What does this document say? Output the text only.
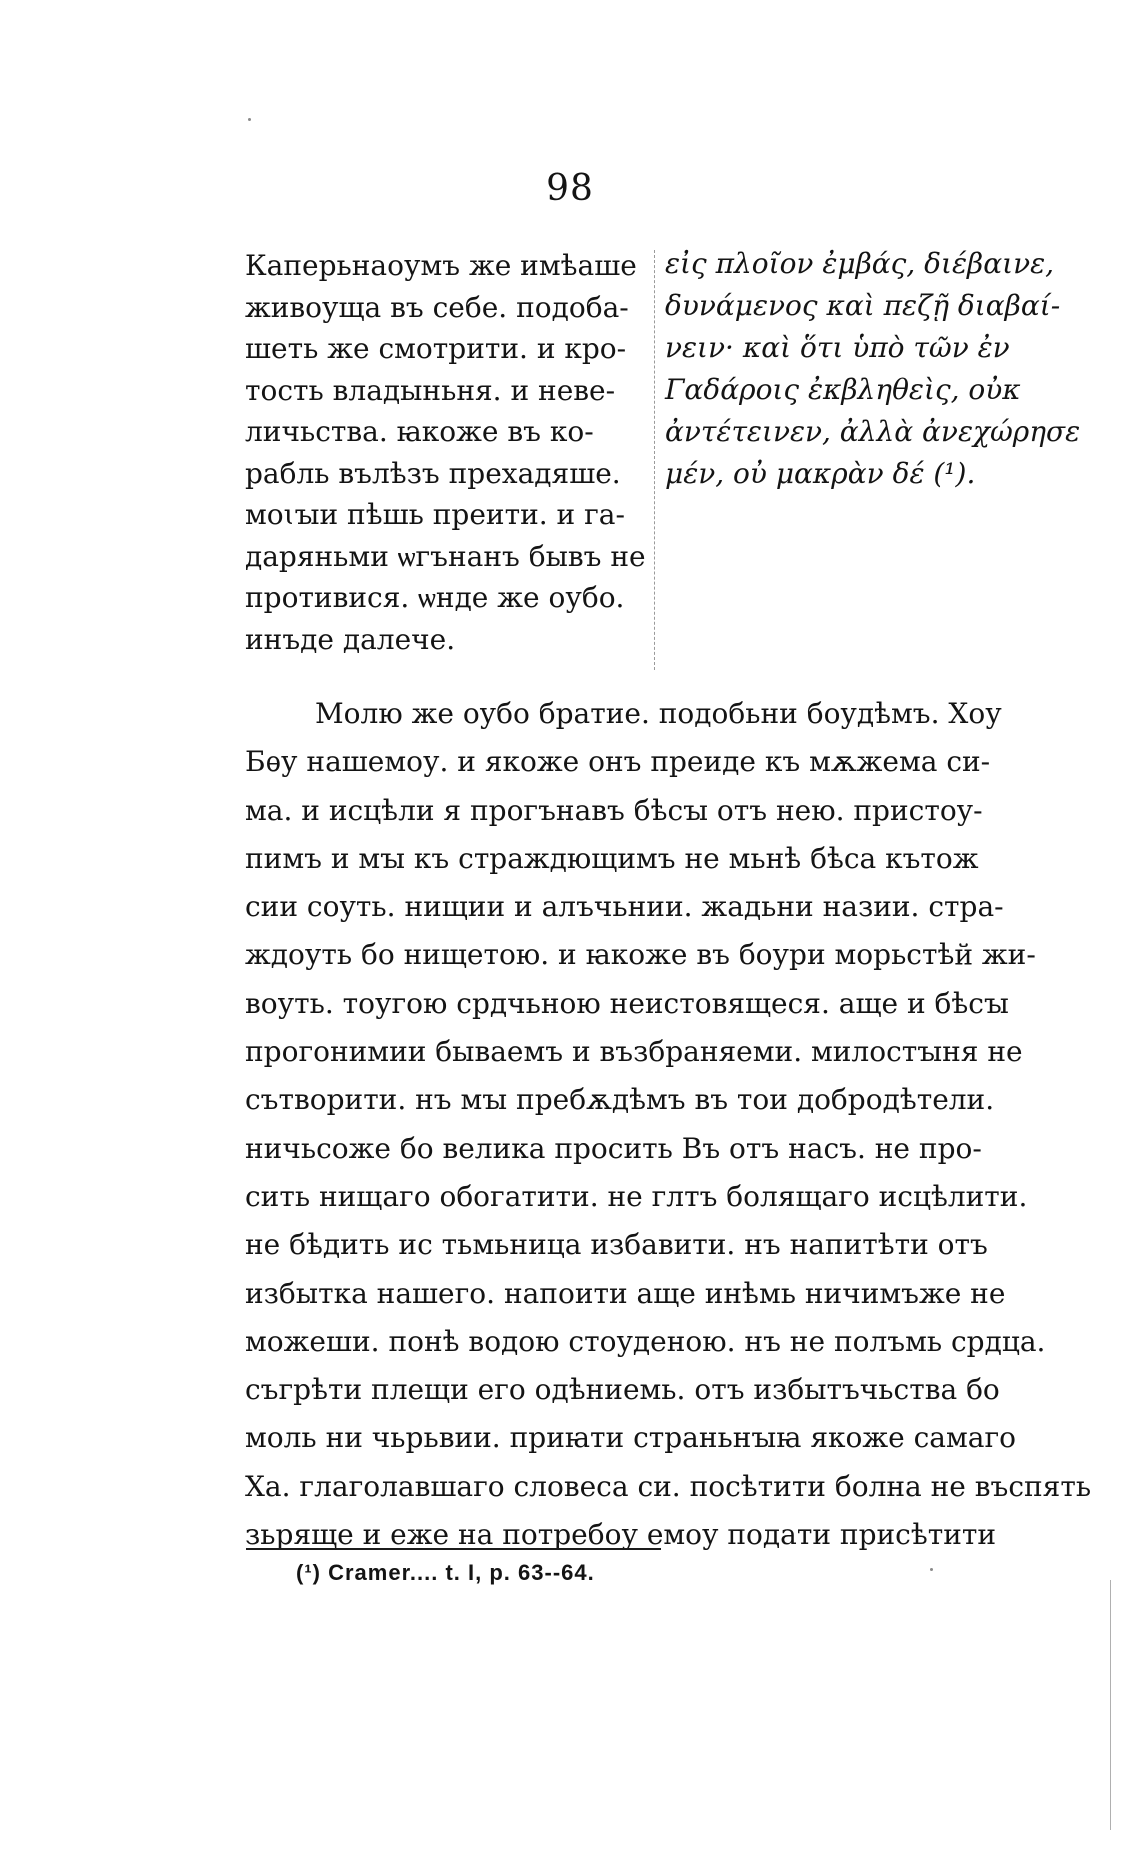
98
Каперьнаоумъ же имѣаше
живоуща въ себе. подоба-
шеть же смотрити. и кро-
тость владыньня. и неве-
личьства. ꙗкоже въ ко-
рабль вълѣзъ прехадяше.
моꙇꙑи пѣшь преити. и га-
даряньми ѡгънанъ бывъ не
противися. ѡнде же оубо.
инъде далече.
εἰς πλοῖον ἐμβάς, διέβαινε,
δυνάμενος καὶ πεζῇ διαβαί-
νειν· καὶ ὅτι ὑπὸ τῶν ἐν
Γαδάροις ἐκβληθεὶς, οὐκ
ἀντέτεινεν, ἀλλὰ ἀνεχώρησε
μέν, οὐ μακρὰν δέ (¹).
Молю же оубо братие. подобьни боудѣмъ. Хоу
Бѳу нашемоу. и якоже онъ преиде къ мѫжема си-
ма. и исцѣли я прогънавъ бѣсꙑ отъ нею. пристоу-
пимъ и мꙑ къ страждющимъ не мьнѣ бѣса кътож
сии соуть. нищии и алъчьнии. жадьни назии. стра-
ждоуть бо нищетою. и ꙗкоже въ боури морьстѣй жи-
воуть. тоугою срдчьною неистовящеся. аще и бѣсꙑ
прогонимии бываемъ и възбраняеми. милостꙑня не
сътворити. нъ мꙑ пребѫдѣмъ въ тои добродѣтели.
ничьсоже бо велика просить Въ отъ насъ. не про-
сить нищаго обогатити. не глтъ болящаго исцѣлити.
не бѣдить ис тьмьница избавити. нъ напитѣти отъ
избытка нашего. напоити аще инѣмь ничимъже не
можеши. понѣ водою стоуденою. нъ не полъмь срдца.
съгрѣти плещи его одѣниемь. отъ избытъчьства бо
моль ни чьрьвии. приꙗти страньнꙑꙗ якоже самаго
Ха. глаголавшаго словеса си. посѣтити болна не въспять
зьряще и еже на потребоу емоу подати присѣтити
(¹) Cramer.... t. I, p. 63--64.
